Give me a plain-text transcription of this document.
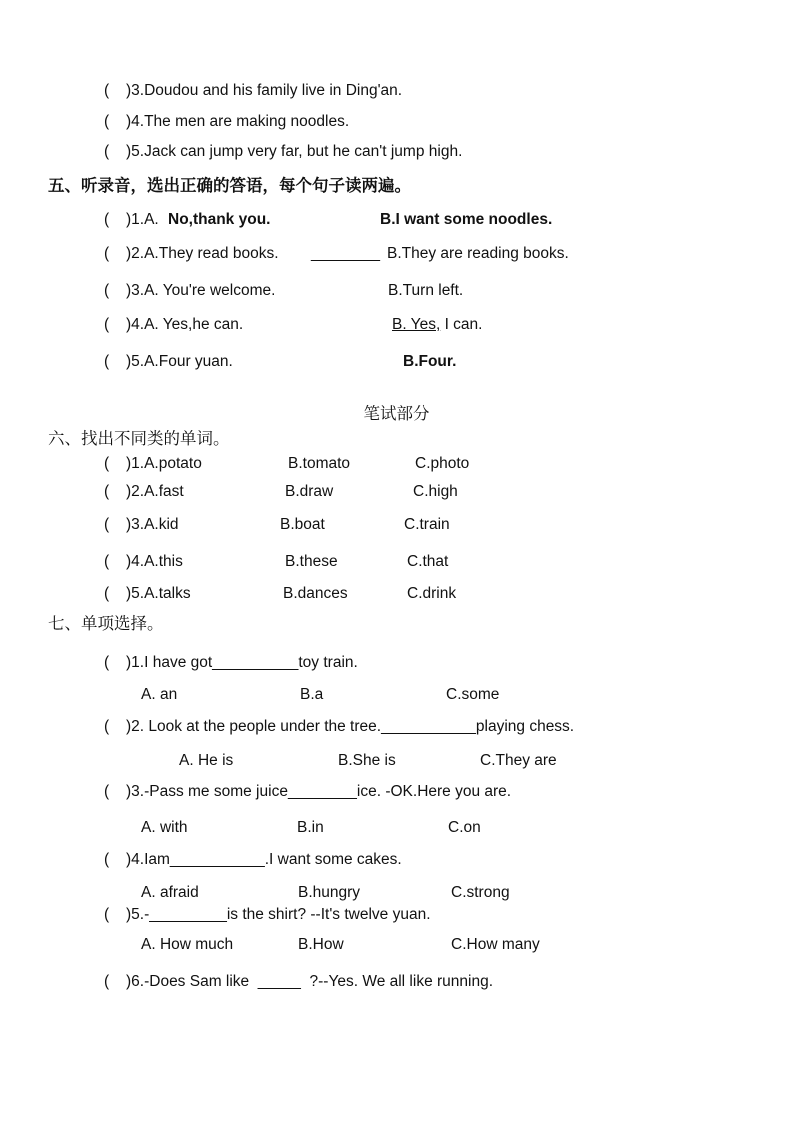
( )3.Doudou and his family live in Ding'an.
( )4.The men are making noodles.
( )5.Jack can jump very far, but he can't jump high.
五、听录音，选出正确的答语，每个句子读两遍。
( )1.A. No,thank you.	B.I want some noodles.
( )2.A.They read books. ________ B.They are reading books.
( )3.A. You're welcome.	B.Turn left.
( )4.A. Yes,he can.	B. Yes, I can.
( )5.A.Four yuan.	B.Four.
笔试部分
六、找出不同类的单词。
( )1.A.potato	B.tomato	C.photo
( )2.A.fast	B.draw	C.high
( )3.A.kid	B.boat	C.train
( )4.A.this	B.these	C.that
( )5.A.talks	B.dances	C.drink
七、单项选择。
( )1.I have got__________toy train.
A. an	B.a	C.some
( )2. Look at the people under the tree.___________playing chess.
A. He is	B.She is	C.They are
( )3.-Pass me some juice________ice. -OK.Here you are.
A. with	B.in	C.on
( )4.Iam___________.I want some cakes.
A. afraid	B.hungry	C.strong
( )5.-_________is the shirt? --It's twelve yuan.
A. How much	B.How	C.How many
( )6.-Does Sam like  _____  ?--Yes. We all like running.
